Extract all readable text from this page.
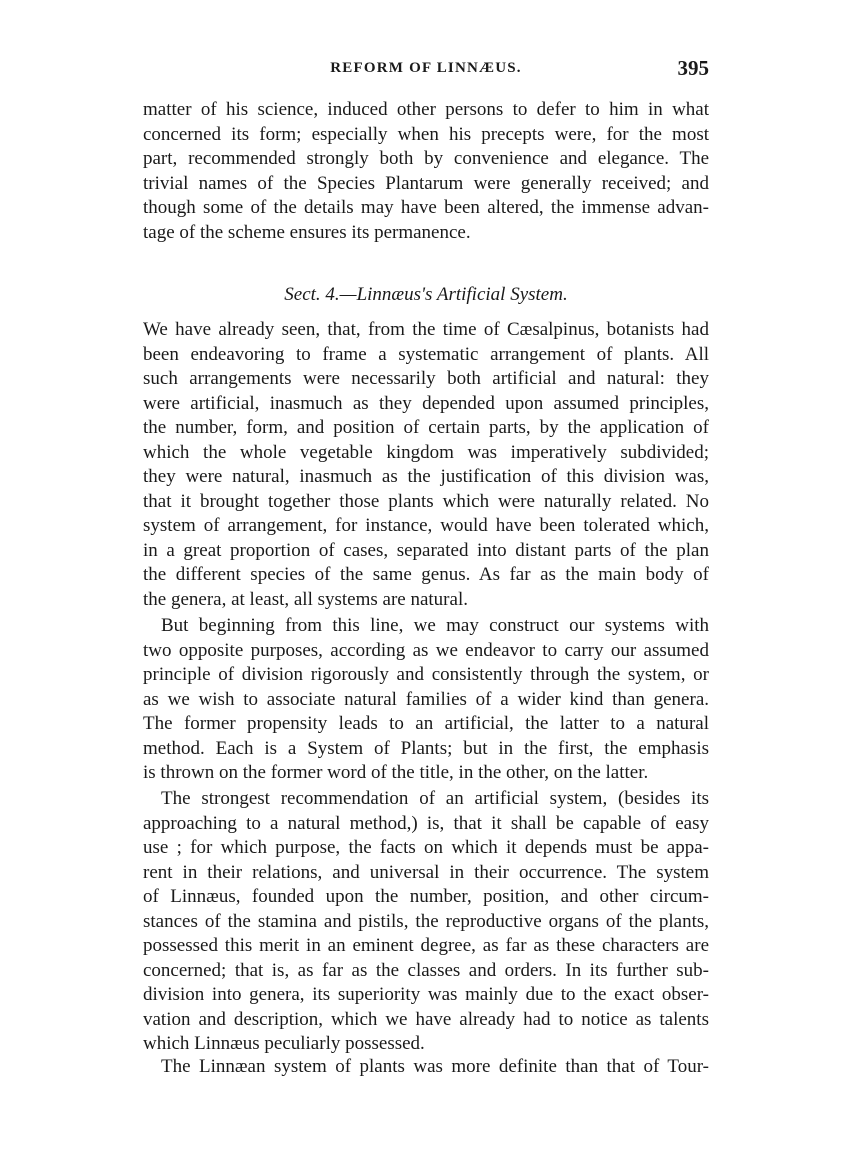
REFORM OF LINNÆUS.	395
matter of his science, induced other persons to defer to him in what
concerned its form; especially when his precepts were, for the most
part, recommended strongly both by convenience and elegance. The
trivial names of the Species Plantarum were generally received; and
though some of the details may have been altered, the immense advan-
tage of the scheme ensures its permanence.
Sect. 4.—Linnæus's Artificial System.
We have already seen, that, from the time of Cæsalpinus, botanists had
been endeavoring to frame a systematic arrangement of plants. All
such arrangements were necessarily both artificial and natural: they
were artificial, inasmuch as they depended upon assumed principles,
the number, form, and position of certain parts, by the application of
which the whole vegetable kingdom was imperatively subdivided;
they were natural, inasmuch as the justification of this division was,
that it brought together those plants which were naturally related. No
system of arrangement, for instance, would have been tolerated which,
in a great proportion of cases, separated into distant parts of the plan
the different species of the same genus. As far as the main body of
the genera, at least, all systems are natural.
But beginning from this line, we may construct our systems with
two opposite purposes, according as we endeavor to carry our assumed
principle of division rigorously and consistently through the system, or
as we wish to associate natural families of a wider kind than genera.
The former propensity leads to an artificial, the latter to a natural
method. Each is a System of Plants; but in the first, the emphasis
is thrown on the former word of the title, in the other, on the latter.
The strongest recommendation of an artificial system, (besides its
approaching to a natural method,) is, that it shall be capable of easy
use ; for which purpose, the facts on which it depends must be appa-
rent in their relations, and universal in their occurrence. The system
of Linnæus, founded upon the number, position, and other circum-
stances of the stamina and pistils, the reproductive organs of the plants,
possessed this merit in an eminent degree, as far as these characters are
concerned; that is, as far as the classes and orders. In its further sub-
division into genera, its superiority was mainly due to the exact obser-
vation and description, which we have already had to notice as talents
which Linnæus peculiarly possessed.
The Linnæan system of plants was more definite than that of Tour-
